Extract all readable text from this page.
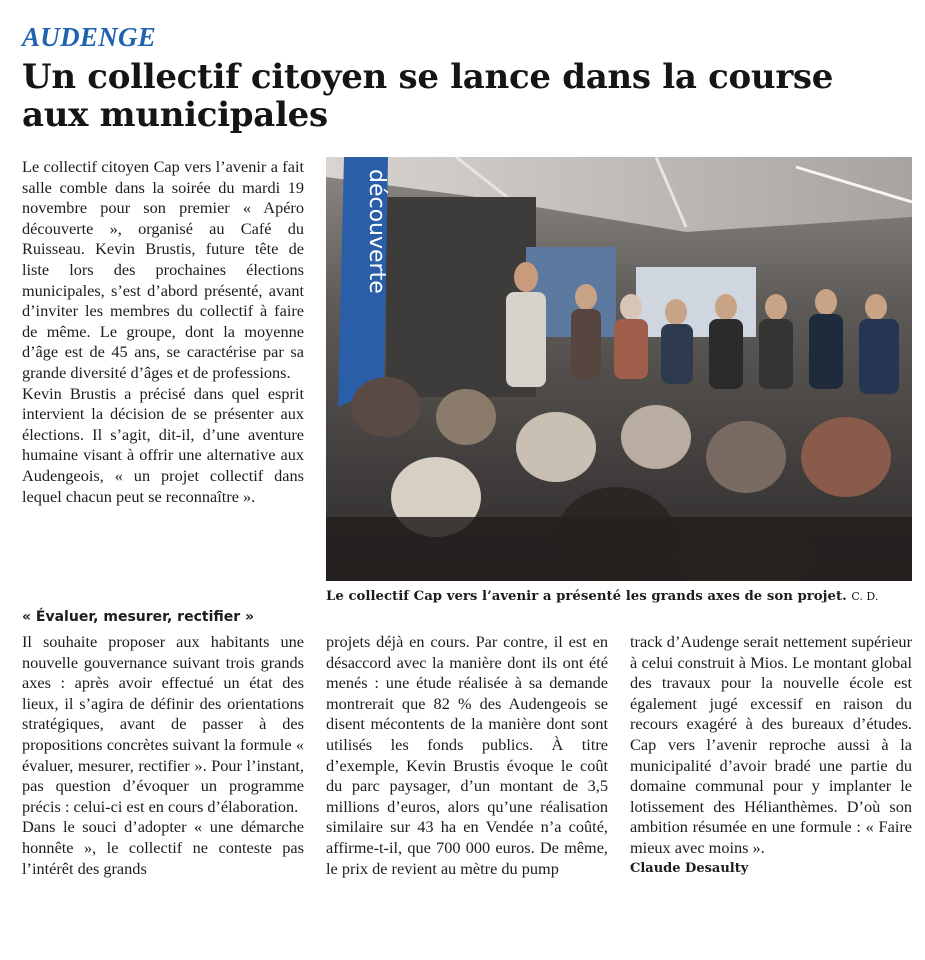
AUDENGE
Un collectif citoyen se lance dans la course aux municipales

Le collectif citoyen Cap vers l’avenir a fait salle comble dans la soirée du mardi 19 novembre pour son premier « Apéro découverte », organisé au Café du Ruisseau. Kevin Brustis, future tête de liste lors des prochaines élections municipales, s’est d’abord présenté, avant d’inviter les membres du collectif à faire de même. Le groupe, dont la moyenne d’âge est de 45 ans, se caractérise par sa grande diversité d’âges et de professions.

Kevin Brustis a précisé dans quel esprit intervient la décision de se présenter aux élections. Il s’agit, dit-il, d’une aventure humaine visant à offrir une alternative aux Audengeois, « un projet collectif dans lequel chacun peut se reconnaître ».

« Évaluer, mesurer, rectifier »

Il souhaite proposer aux habitants une nouvelle gouvernance suivant trois grands axes : après avoir effectué un état des lieux, il s’agira de définir des orientations stratégiques, avant de passer à des propositions concrètes suivant la formule « évaluer, mesurer, rectifier ». Pour l’instant, pas question d’évoquer un programme précis : celui-ci est en cours d’élaboration.

Dans le souci d’adopter « une démarche honnête », le collectif ne conteste pas l’intérêt des grands

projets déjà en cours. Par contre, il est en désaccord avec la manière dont ils ont été menés : une étude réalisée à sa demande montrerait que 82 % des Audengeois se disent mécontents de la manière dont sont utilisés les fonds publics. À titre d’exemple, Kevin Brustis évoque le coût du parc paysager, d’un montant de 3,5 millions d’euros, alors qu’une réalisation similaire sur 43 ha en Vendée n’a coûté, affirme-t-il, que 700 000 euros. De même, le prix de revient au mètre du pump

track d’Audenge serait nettement supérieur à celui construit à Mios. Le montant global des travaux pour la nouvelle école est également jugé excessif en raison du recours exagéré à des bureaux d’études. Cap vers l’avenir reproche aussi à la municipalité d’avoir bradé une partie du domaine communal pour y implanter le lotissement des Hélianthèmes. D’où son ambition résumée en une formule : « Faire mieux avec moins ».

Claude Desaulty

découverte
Le collectif Cap vers l’avenir a présenté les grands axes de son projet. C. D.
